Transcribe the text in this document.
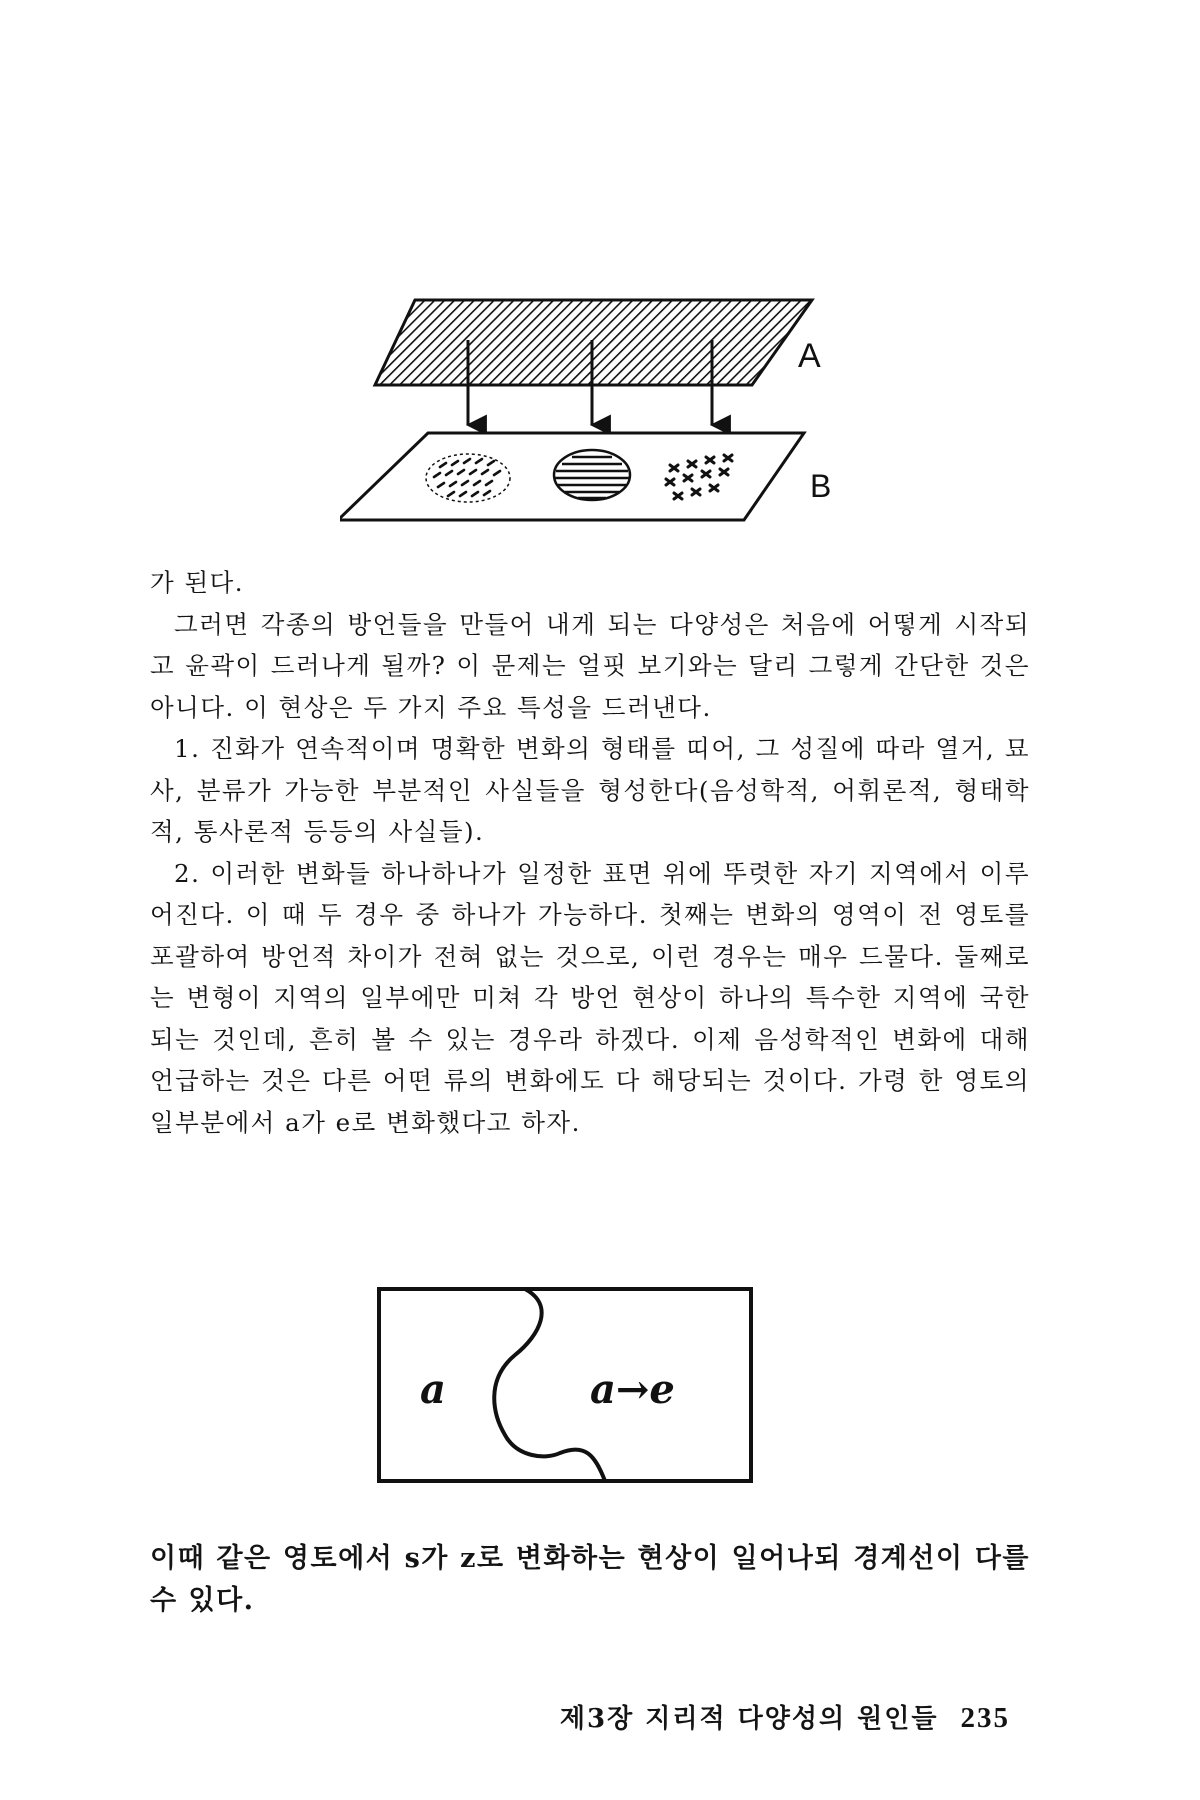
A
B

가 된다.

그러면 각종의 방언들을 만들어 내게 되는 다양성은 처음에 어떻게 시작되고 윤곽이 드러나게 될까? 이 문제는 얼핏 보기와는 달리 그렇게 간단한 것은 아니다. 이 현상은 두 가지 주요 특성을 드러낸다.

1. 진화가 연속적이며 명확한 변화의 형태를 띠어, 그 성질에 따라 열거, 묘사, 분류가 가능한 부분적인 사실들을 형성한다(음성학적, 어휘론적, 형태학적, 통사론적 등등의 사실들).

2. 이러한 변화들 하나하나가 일정한 표면 위에 뚜렷한 자기 지역에서 이루어진다. 이 때 두 경우 중 하나가 가능하다. 첫째는 변화의 영역이 전 영토를 포괄하여 방언적 차이가 전혀 없는 것으로, 이런 경우는 매우 드물다. 둘째로는 변형이 지역의 일부에만 미쳐 각 방언 현상이 하나의 특수한 지역에 국한되는 것인데, 흔히 볼 수 있는 경우라 하겠다. 이제 음성학적인 변화에 대해 언급하는 것은 다른 어떤 류의 변화에도 다 해당되는 것이다. 가령 한 영토의 일부분에서 a가 e로 변화했다고 하자.

a	a→e

이때 같은 영토에서 s가 z로 변화하는 현상이 일어나되 경계선이 다를 수 있다.

제3장 지리적 다양성의 원인들 235
